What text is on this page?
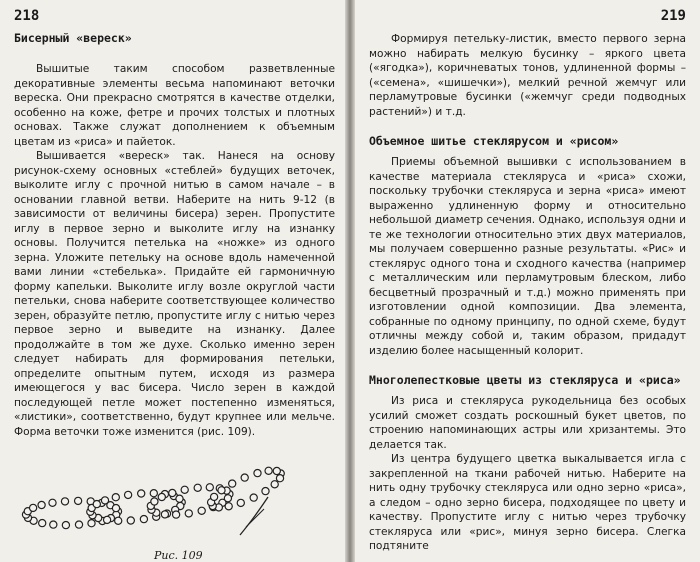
218
Бисерный «вереск»

Вышитые таким способом разветвленные декоративные элементы весьма напоминают веточки вереска. Они прекрасно смотрятся в качестве отделки, особенно на коже, фетре и прочих толстых и плотных основах. Также служат дополнением к объемным цветам из «риса» и пайеток.

Вышивается «вереск» так. Нанеся на основу рисунок-схему основных «стеблей» будущих веточек, выколите иглу с прочной нитью в самом начале – в основании главной ветви. Наберите на нить 9-12 (в зависимости от величины бисера) зерен. Пропустите иглу в первое зерно и выколите иглу на изнанку основы. Получится петелька на «ножке» из одного зерна. Уложите петельку на основе вдоль намеченной вами линии «стебелька». Придайте ей гармоничную форму капельки. Выколите иглу возле округлой части петельки, снова наберите соответствующее количество зерен, образуйте петлю, пропустите иглу с нитью через первое зерно и выведите на изнанку. Далее продолжайте в том же духе. Сколько именно зерен следует набирать для формирования петельки, определите опытным путем, исходя из размера имеющегося у вас бисера. Число зерен в каждой последующей петле может постепенно изменяться, «листики», соответственно, будут крупнее или мельче. Форма веточки тоже изменится (рис. 109).

Рис. 109
219

Формируя петельку-листик, вместо первого зерна можно набирать мелкую бусинку – яркого цвета («ягодка»), коричневатых тонов, удлиненной формы – («семена», «шишечки»), мелкий речной жемчуг или перламутровые бусинки («жемчуг среди подводных растений») и т.д.

Объемное шитье стеклярусом и «рисом»

Приемы объемной вышивки с использованием в качестве материала стекляруса и «риса» схожи, поскольку трубочки стекляруса и зерна «риса» имеют выраженно удлиненную форму и относительно небольшой диаметр сечения. Однако, используя одни и те же технологии относительно этих двух материалов, мы получаем совершенно разные результаты. «Рис» и стеклярус одного тона и сходного качества (например с металлическим или перламутровым блеском, либо бесцветный прозрачный и т.д.) можно применять при изготовлении одной композиции. Два элемента, собранные по одному принципу, по одной схеме, будут отличны между собой и, таким образом, придадут изделию более насыщенный колорит.

Многолепестковые цветы из стекляруса и «риса»

Из риса и стекляруса рукодельница без особых усилий сможет создать роскошный букет цветов, по строению напоминающих астры или хризантемы. Это делается так.

Из центра будущего цветка выкалывается игла с закрепленной на ткани рабочей нитью. Наберите на нить одну трубочку стекляруса или одно зерно «риса», а следом – одно зерно бисера, подходящее по цвету и качеству. Пропустите иглу с нитью через трубочку стекляруса или «рис», минуя зерно бисера. Слегка подтяните
